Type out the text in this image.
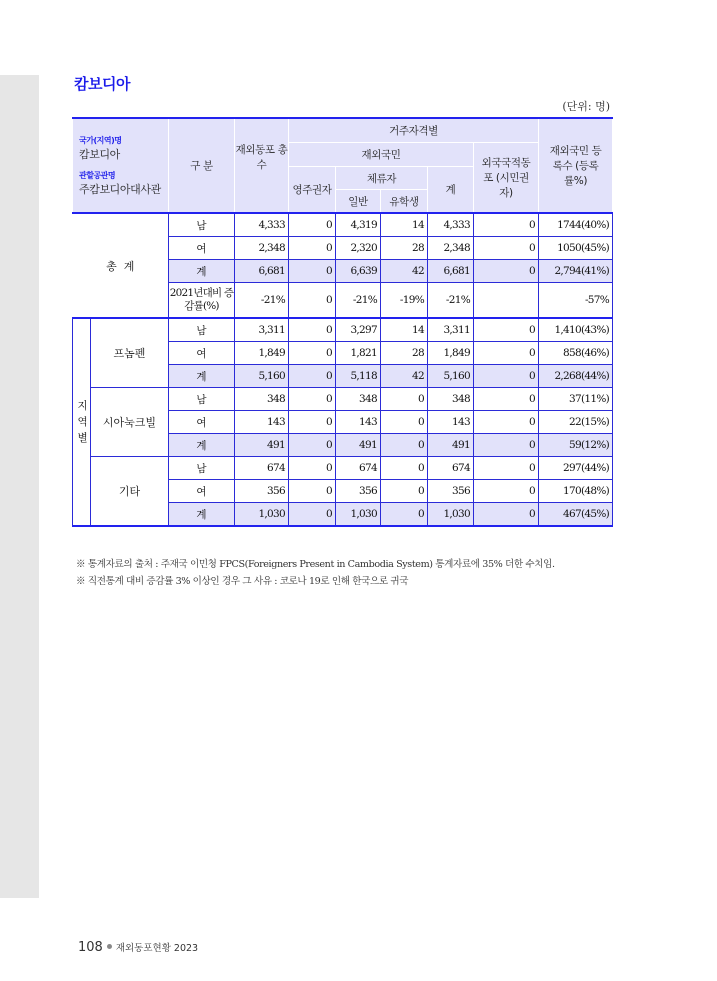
캄보디아
(단위: 명)
국가(지역)명
캄보디아
관할공관명
주캄보디아대사관		구 분	재외동포 총수	거주자격별					재외국민 등록수 (등록률%)
				재외국민				외국국적동포 (시민권자)	
				영주권자	체류자		계		
					일반	유학생			
총  계		남	4,333	0	4,319	14	4,333	0	1744(40%)
		여	2,348	0	2,320	28	2,348	0	1050(45%)
		계	6,681	0	6,639	42	6,681	0	2,794(41%)
		2021년대비 증감률(%)	-21%	0	-21%	-19%	-21%		-57%

지
역
별	프놈펜	남	3,311	0	3,297	14	3,311	0	1,410(43%)
		여	1,849	0	1,821	28	1,849	0	858(46%)
		계	5,160	0	5,118	42	5,160	0	2,268(44%)
	시아눅크빌	남	348	0	348	0	348	0	37(11%)
		여	143	0	143	0	143	0	22(15%)
		계	491	0	491	0	491	0	59(12%)
	기타	남	674	0	674	0	674	0	297(44%)
		여	356	0	356	0	356	0	170(48%)
		계	1,030	0	1,030	0	1,030	0	467(45%)
※ 통계자료의 출처 : 주재국 이민청 FPCS(Foreigners Present in Cambodia System) 통계자료에 35% 더한 수치임.
※ 직전통계 대비 증감률 3% 이상인 경우 그 사유 : 코로나 19로 인해 한국으로 귀국
108 재외동포현황 2023
